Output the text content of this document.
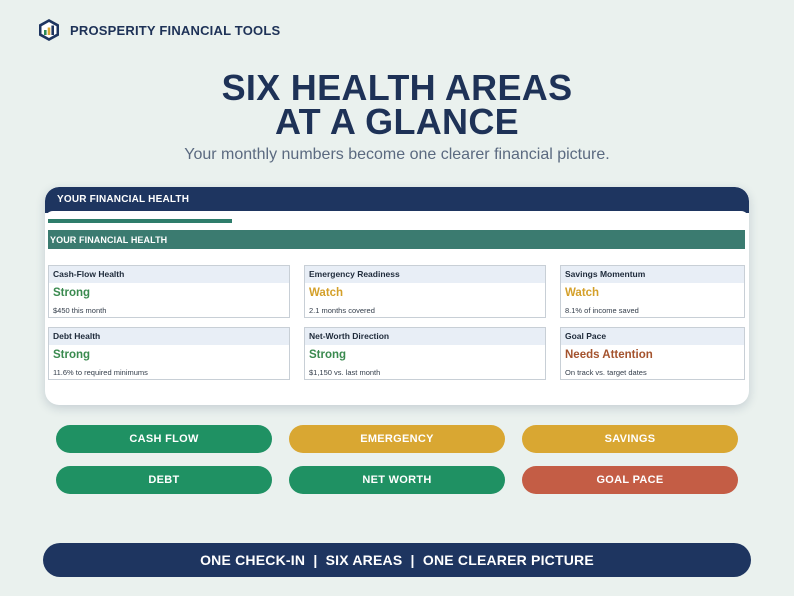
PROSPERITY FINANCIAL TOOLS
SIX HEALTH AREAS
AT A GLANCE
Your monthly numbers become one clearer financial picture.
YOUR FINANCIAL HEALTH
YOUR FINANCIAL HEALTH
Cash-Flow Health
Strong
$450 this month
Emergency Readiness
Watch
2.1 months covered
Savings Momentum
Watch
8.1% of income saved
Debt Health
Strong
11.6% to required minimums
Net-Worth Direction
Strong
$1,150 vs. last month
Goal Pace
Needs Attention
On track vs. target dates
CASH FLOW	EMERGENCY	SAVINGS
DEBT	NET WORTH	GOAL PACE
ONE CHECK-IN  |  SIX AREAS  |  ONE CLEARER PICTURE
